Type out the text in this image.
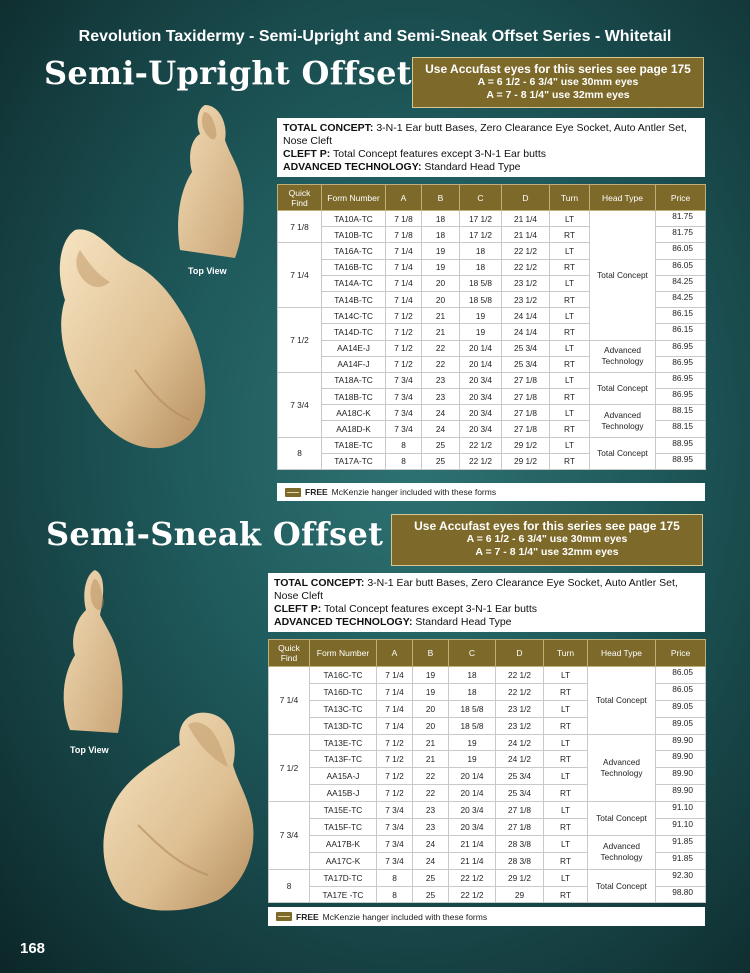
Revolution Taxidermy - Semi-Upright and Semi-Sneak Offset Series - Whitetail
Semi-Upright Offset	Use Accufast eyes for this series see page 175
A = 6 1/2 - 6 3/4" use 30mm eyes
A = 7 - 8 1/4" use 32mm eyes
TOTAL CONCEPT: 3-N-1 Ear butt Bases, Zero Clearance Eye Socket, Auto Antler Set, Nose Cleft
CLEFT P: Total Concept features except 3-N-1 Ear butts
ADVANCED TECHNOLOGY: Standard Head Type
Top View
Quick Find	Form Number	A	B	C	D	Turn	Head Type	Price
7 1/8	TA10A-TC	7 1/8	18	17 1/2	21 1/4	LT	Total Concept	81.75
	TA10B-TC	7 1/8	18	17 1/2	21 1/4	RT		81.75
7 1/4	TA16A-TC	7 1/4	19	18	22 1/2	LT		86.05
	TA16B-TC	7 1/4	19	18	22 1/2	RT		86.05
	TA14A-TC	7 1/4	20	18 5/8	23 1/2	LT		84.25
	TA14B-TC	7 1/4	20	18 5/8	23 1/2	RT		84.25
7 1/2	TA14C-TC	7 1/2	21	19	24 1/4	LT		86.15
	TA14D-TC	7 1/2	21	19	24 1/4	RT		86.15
	AA14E-J	7 1/2	22	20 1/4	25 3/4	LT	Advanced Technology	86.95
	AA14F-J	7 1/2	22	20 1/4	25 3/4	RT		86.95
7 3/4	TA18A-TC	7 3/4	23	20 3/4	27 1/8	LT	Total Concept	86.95
	TA18B-TC	7 3/4	23	20 3/4	27 1/8	RT		86.95
	AA18C-K	7 3/4	24	20 3/4	27 1/8	LT	Advanced Technology	88.15
	AA18D-K	7 3/4	24	20 3/4	27 1/8	RT		88.15
8	TA18E-TC	8	25	22 1/2	29 1/2	LT	Total Concept	88.95
	TA17A-TC	8	25	22 1/2	29 1/2	RT		88.95
FREE McKenzie hanger included with these forms
Semi-Sneak Offset	Use Accufast eyes for this series see page 175
A = 6 1/2 - 6 3/4" use 30mm eyes
A = 7 - 8 1/4" use 32mm eyes
TOTAL CONCEPT: 3-N-1 Ear butt Bases, Zero Clearance Eye Socket, Auto Antler Set, Nose Cleft
CLEFT P: Total Concept features except 3-N-1 Ear butts
ADVANCED TECHNOLOGY: Standard Head Type
Top View
Quick Find	Form Number	A	B	C	D	Turn	Head Type	Price
7 1/4	TA16C-TC	7 1/4	19	18	22 1/2	LT	Total Concept	86.05
	TA16D-TC	7 1/4	19	18	22 1/2	RT		86.05
	TA13C-TC	7 1/4	20	18 5/8	23 1/2	LT		89.05
	TA13D-TC	7 1/4	20	18 5/8	23 1/2	RT		89.05
7 1/2	TA13E-TC	7 1/2	21	19	24 1/2	LT	Advanced Technology	89.90
	TA13F-TC	7 1/2	21	19	24 1/2	RT		89.90
	AA15A-J	7 1/2	22	20 1/4	25 3/4	LT		89.90
	AA15B-J	7 1/2	22	20 1/4	25 3/4	RT		89.90
7 3/4	TA15E-TC	7 3/4	23	20 3/4	27 1/8	LT	Total Concept	91.10
	TA15F-TC	7 3/4	23	20 3/4	27 1/8	RT		91.10
	AA17B-K	7 3/4	24	21 1/4	28 3/8	LT	Advanced Technology	91.85
	AA17C-K	7 3/4	24	21 1/4	28 3/8	RT		91.85
8	TA17D-TC	8	25	22 1/2	29 1/2	LT	Total Concept	92.30
	TA17E -TC	8	25	22 1/2	29	RT		98.80
FREE McKenzie hanger included with these forms
168
